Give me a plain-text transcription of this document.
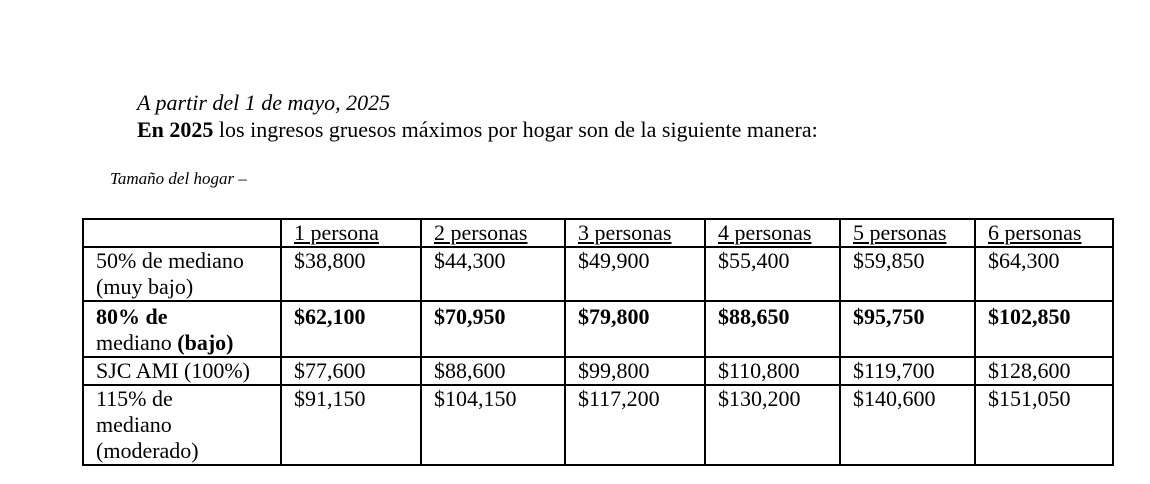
A partir del 1 de mayo, 2025
En 2025 los ingresos gruesos máximos por hogar son de la siguiente manera:
Tamaño del hogar –
	1 persona	2 personas	3 personas	4 personas	5 personas	6 personas
50% de mediano
(muy bajo)	$38,800	$44,300	$49,900	$55,400	$59,850	$64,300
80% de
mediano (bajo)	$62,100	$70,950	$79,800	$88,650	$95,750	$102,850
SJC AMI (100%)	$77,600	$88,600	$99,800	$110,800	$119,700	$128,600
115% de
mediano
(moderado)	$91,150	$104,150	$117,200	$130,200	$140,600	$151,050
